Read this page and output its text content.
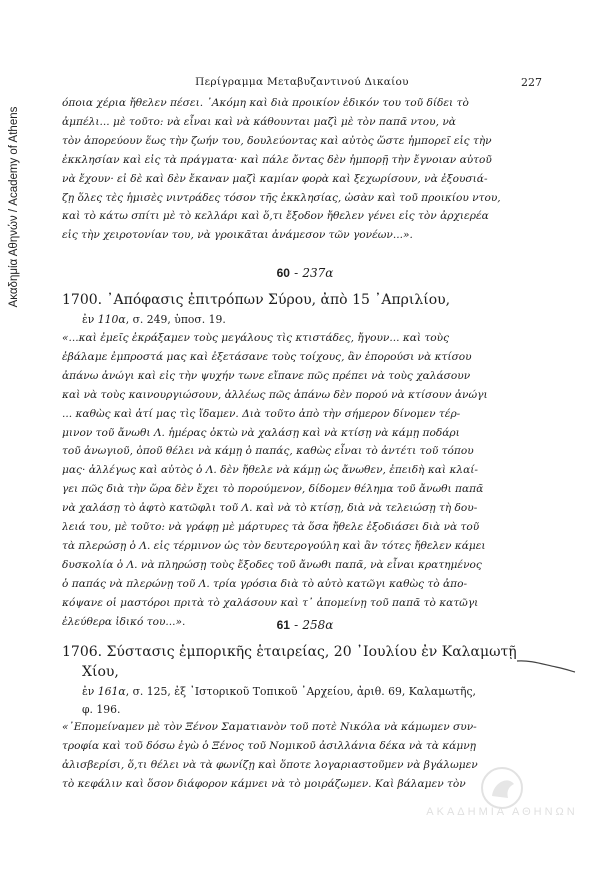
Ακαδημία Αθηνών / Academy of Athens
Περίγραμμα Μεταβυζαντινού Δικαίου	227
όποια χέρια ἤθελεν πέσει. ᾿Ακόμη καὶ διὰ προικίον ἐδικόν του τοῦ δίδει τὸ
ἀμπέλι... μὲ τοῦτο: νὰ εἶναι καὶ νὰ κάθουνται μαζὶ μὲ τὸν παπᾶ ντου, νὰ
τὸν ἀπορεύουν ἕως τὴν ζωήν του, δουλεύοντας καὶ αὐτὸς ὥστε ἠμπορεῖ εἰς τὴν
ἐκκλησίαν καὶ εἰς τὰ πράγματα· καὶ πάλε ὄντας δὲν ἠμπορῇ τὴν ἔγνοιαν αὐτοῦ
νὰ ἔχουν· εἰ δὲ καὶ δὲν ἔκαναν μαζὶ καμίαν φορὰ καὶ ξεχωρίσουν, νὰ ἐξουσιά-
ζῃ ὅλες τὲς ἡμισὲς νιντράδες τόσον τῆς ἐκκλησίας, ὡσὰν καὶ τοῦ προικίου ντου,
καὶ τὸ κάτω σπίτι μὲ τὸ κελλάρι καὶ ὅ,τι ἔξοδον ἤθελεν γένει εἰς τὸν ἀρχιερέα
εἰς τὴν χειροτονίαν του, νὰ γροικᾶται ἀνάμεσον τῶν γονέων...».
60 - 237α
1700. ᾿Απόφασις ἐπιτρόπων Σύρου, ἀπὸ 15 ᾿Απριλίου,
ἐν 110α, σ. 249, ὑποσ. 19.
«...καὶ ἐμεῖς ἐκράξαμεν τοὺς μεγάλους τὶς κτιστάδες, ἤγουν... καὶ τοὺς
ἐβάλαμε ἐμπροστά μας καὶ ἐξετάσανε τοὺς τοίχους, ἂν ἐπορούσι νὰ κτίσου
ἀπάνω ἀνώγι καὶ εἰς τὴν ψυχήν τωνε εἴπανε πῶς πρέπει νὰ τοὺς χαλάσουν
καὶ νὰ τοὺς καινουργιώσουν, ἀλλέως πῶς ἀπάνω δὲν πορού νὰ κτίσουν ἀνώγι
... καθὼς καὶ ἀτί μας τὶς ἴδαμεν. Διὰ τοῦτο ἀπὸ τὴν σήμερον δίνομεν τέρ-
μινον τοῦ ἄνωθι Λ. ἡμέρας ὀκτὼ νὰ χαλάσῃ καὶ νὰ κτίσῃ νὰ κάμῃ ποδάρι
τοῦ ἀνωγιοῦ, ὁποῦ θέλει νὰ κάμῃ ὁ παπάς, καθὼς εἶναι τὸ ἀντέτι τοῦ τόπου
μας· ἀλλέγως καὶ αὐτὸς ὁ Λ. δὲν ἤθελε νὰ κάμῃ ὡς ἄνωθεν, ἐπειδὴ καὶ κλαί-
γει πῶς διὰ τὴν ὥρα δὲν ἔχει τὸ πορούμενον, δίδομεν θέλημα τοῦ ἄνωθι παπᾶ
νὰ χαλάσῃ τὸ ἀφτὸ κατῶφλι τοῦ Λ. καὶ νὰ τὸ κτίσῃ, διὰ νὰ τελειώσῃ τὴ δου-
λειά του, μὲ τοῦτο: νὰ γράφῃ μὲ μάρτυρες τὰ ὅσα ἤθελε ἐξοδιάσει διὰ νὰ τοῦ
τὰ πλερώσῃ ὁ Λ. εἰς τέρμινον ὡς τὸν δευτερογούλη καὶ ἂν τότες ἤθελεν κάμει
δυσκολία ὁ Λ. νὰ πληρώσῃ τοὺς ἔξοδες τοῦ ἄνωθι παπᾶ, νὰ εἶναι κρατημένος
ὁ παπάς νὰ πλερώνῃ τοῦ Λ. τρία γρόσια διὰ τὸ αὐτὸ κατῶγι καθὼς τὸ ἀπο-
κόψανε οἱ μαστόροι πριτὰ τὸ χαλάσουν καὶ τ᾿ ἀπομείνῃ τοῦ παπᾶ τὸ κατῶγι
ἐλεύθερα ἰδικό του...».	61 - 258α
1706. Σύστασις ἐμπορικῆς ἑταιρείας, 20 ᾿Ιουλίου ἐν Καλαμωτῇ
Χίου,
ἐν 161α, σ. 125, ἐξ ᾿Ιστορικοῦ Τοπικοῦ ᾿Αρχείου, ἀριθ. 69, Καλαμωτῆς,
φ. 196.
«᾿Επομείναμεν μὲ τὸν Ξένον Σαματιανὸν τοῦ ποτὲ Νικόλα νὰ κάμωμεν συν-
τροφία καὶ τοῦ δόσω ἐγὼ ὁ Ξένος τοῦ Νομικοῦ ἀσιλλάνια δέκα νὰ τὰ κάμνῃ
ἀλισβερίσι, ὅ,τι θέλει νὰ τὰ φωνίζῃ καὶ ὅποτε λογαριαστοῦμεν νὰ βγάλωμεν
τὸ κεφάλιν καὶ ὅσον διάφορον κάμνει νὰ τὸ μοιράζωμεν. Καὶ βάλαμεν τὸν
ΑΚΑΔΗΜΙΑ ΑΘΗΝΩΝ
